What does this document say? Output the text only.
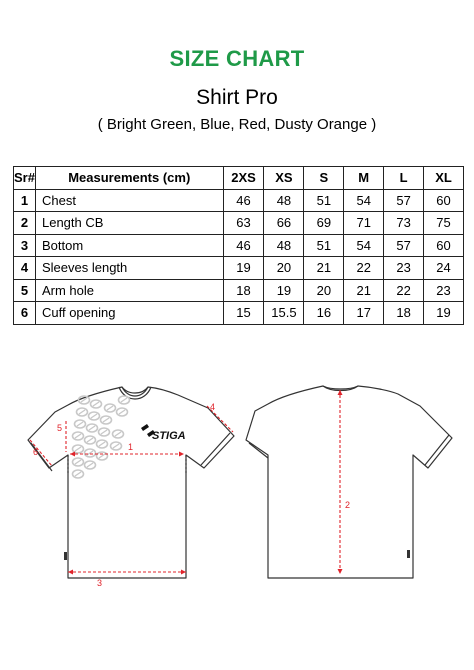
SIZE CHART
Shirt Pro
( Bright Green, Blue, Red, Dusty Orange )
Sr#	Measurements (cm)	2XS	XS	S	M	L	XL
1	Chest	46	48	51	54	57	60
2	Length CB	63	66	69	71	73	75
3	Bottom	46	48	51	54	57	60
4	Sleeves length	19	20	21	22	23	24
5	Arm hole	18	19	20	21	22	23
6	Cuff opening	15	15.5	16	17	18	19
STIGA
1
3
4
5
6
2
